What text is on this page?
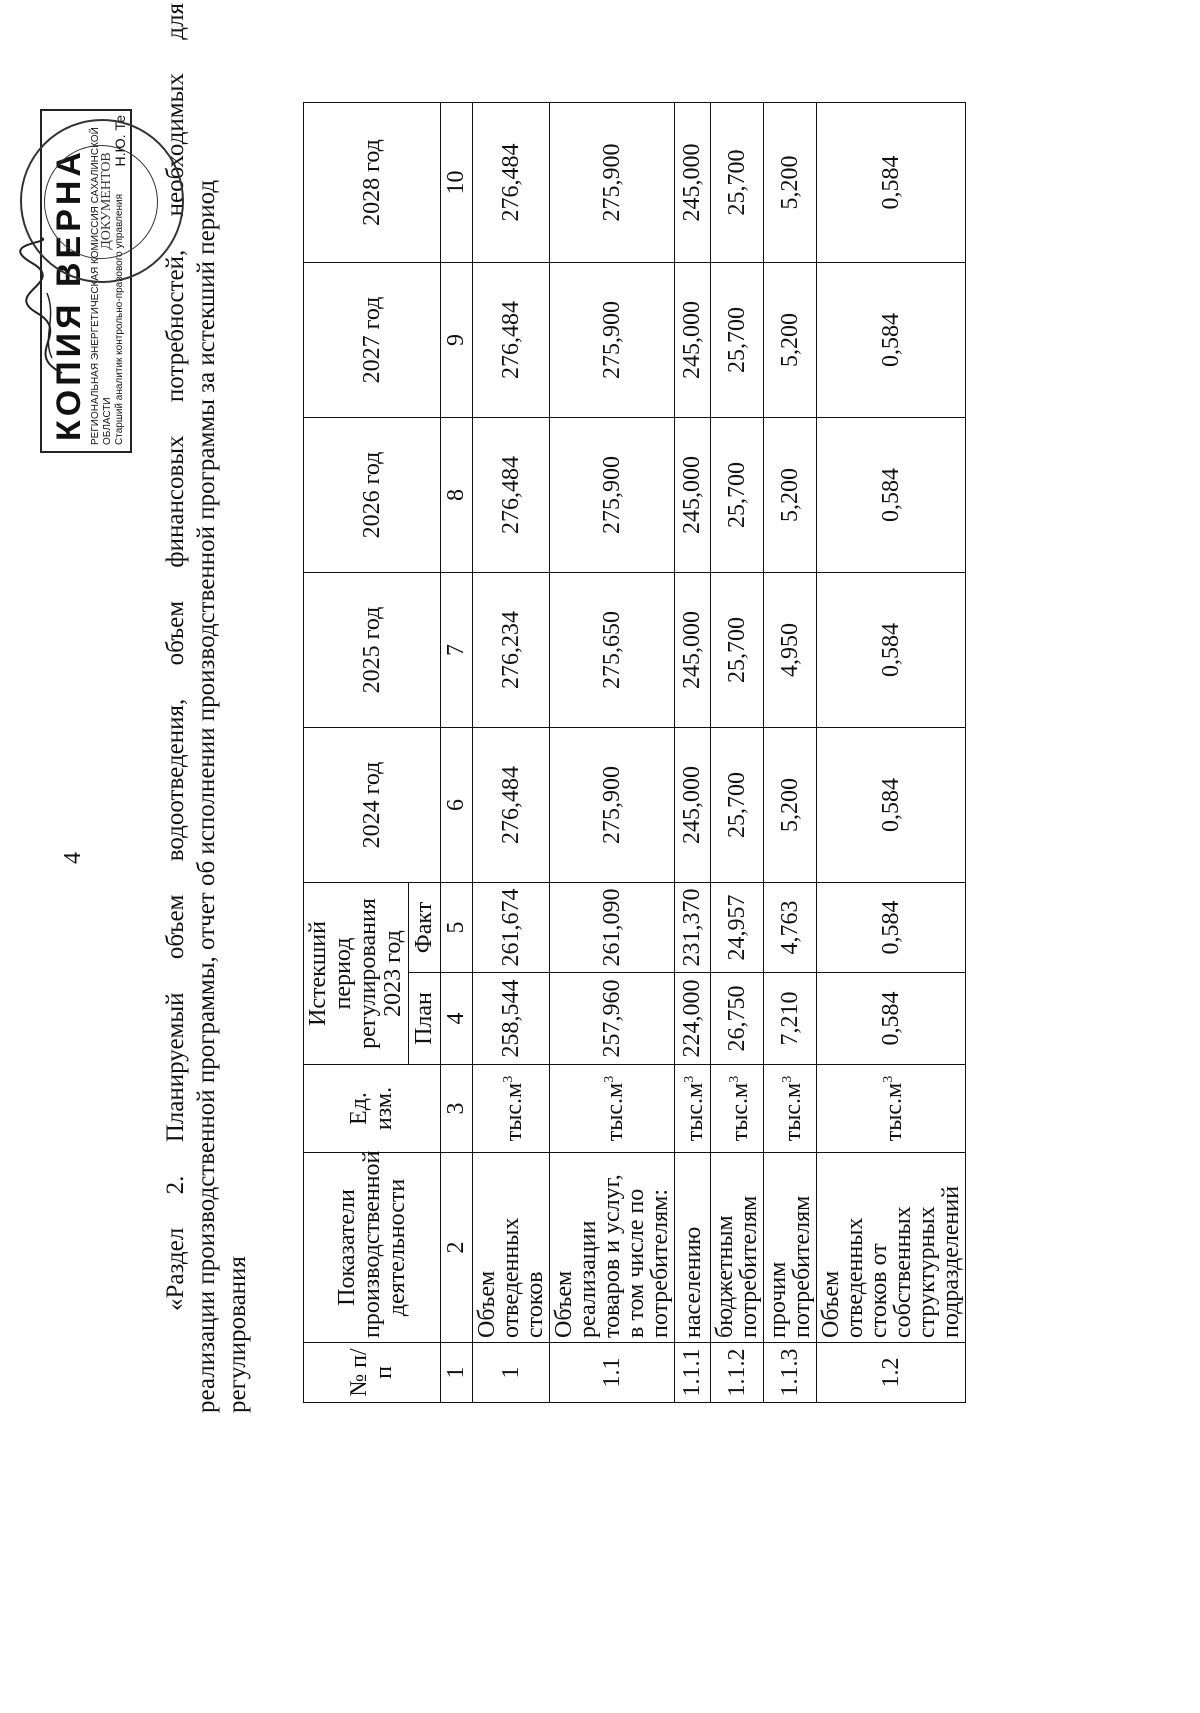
4	«Раздел 2. Планируемый объем водоотведения, объем финансовых потребностей, необходимых для реализации производственной программы, отчет об исполнении производственной программы за истекший период регулирования	№ п/п	Показатели производственной деятельности	Ед. изм.	Истекший период регулирования 2023 год		2024 год	2025 год	2026 год	2027 год	2028 год
			План	Факт					
1	2	3	4	5	6	7	8	9	10
1	Объем отведенных стоков	$тыс.м^3$	258,544	261,674	276,484	276,234	276,484	276,484	276,484
1.1	Объем реализации товаров и услуг, в том числе по потребителям:	$тыс.м^3$	257,960	261,090	275,900	275,650	275,900	275,900	275,900
1.1.1	населению	$тыс.м^3$	224,000	231,370	245,000	245,000	245,000	245,000	245,000
1.1.2	бюджетным потребителям	$тыс.м^3$	26,750	24,957	25,700	25,700	25,700	25,700	25,700
1.1.3	прочим потребителям	$тыс.м^3$	7,210	4,763	5,200	4,950	5,200	5,200	5,200
1.2	Объем отведенных стоков от собственных структурных подразделений	$тыс.м^3$	0,584	0,584	0,584	0,584	0,584	0,584	0,584
КОПИЯ ВЕРНА РЕГИОНАЛЬНАЯ ЭНЕРГЕТИЧЕСКАЯ КОМИССИЯ САХАЛИНСКОЙ ОБЛАСТИ
Старший аналитик контрольно-правового управления
Н.Ю. Те
ДОКУМЕНТОВ
